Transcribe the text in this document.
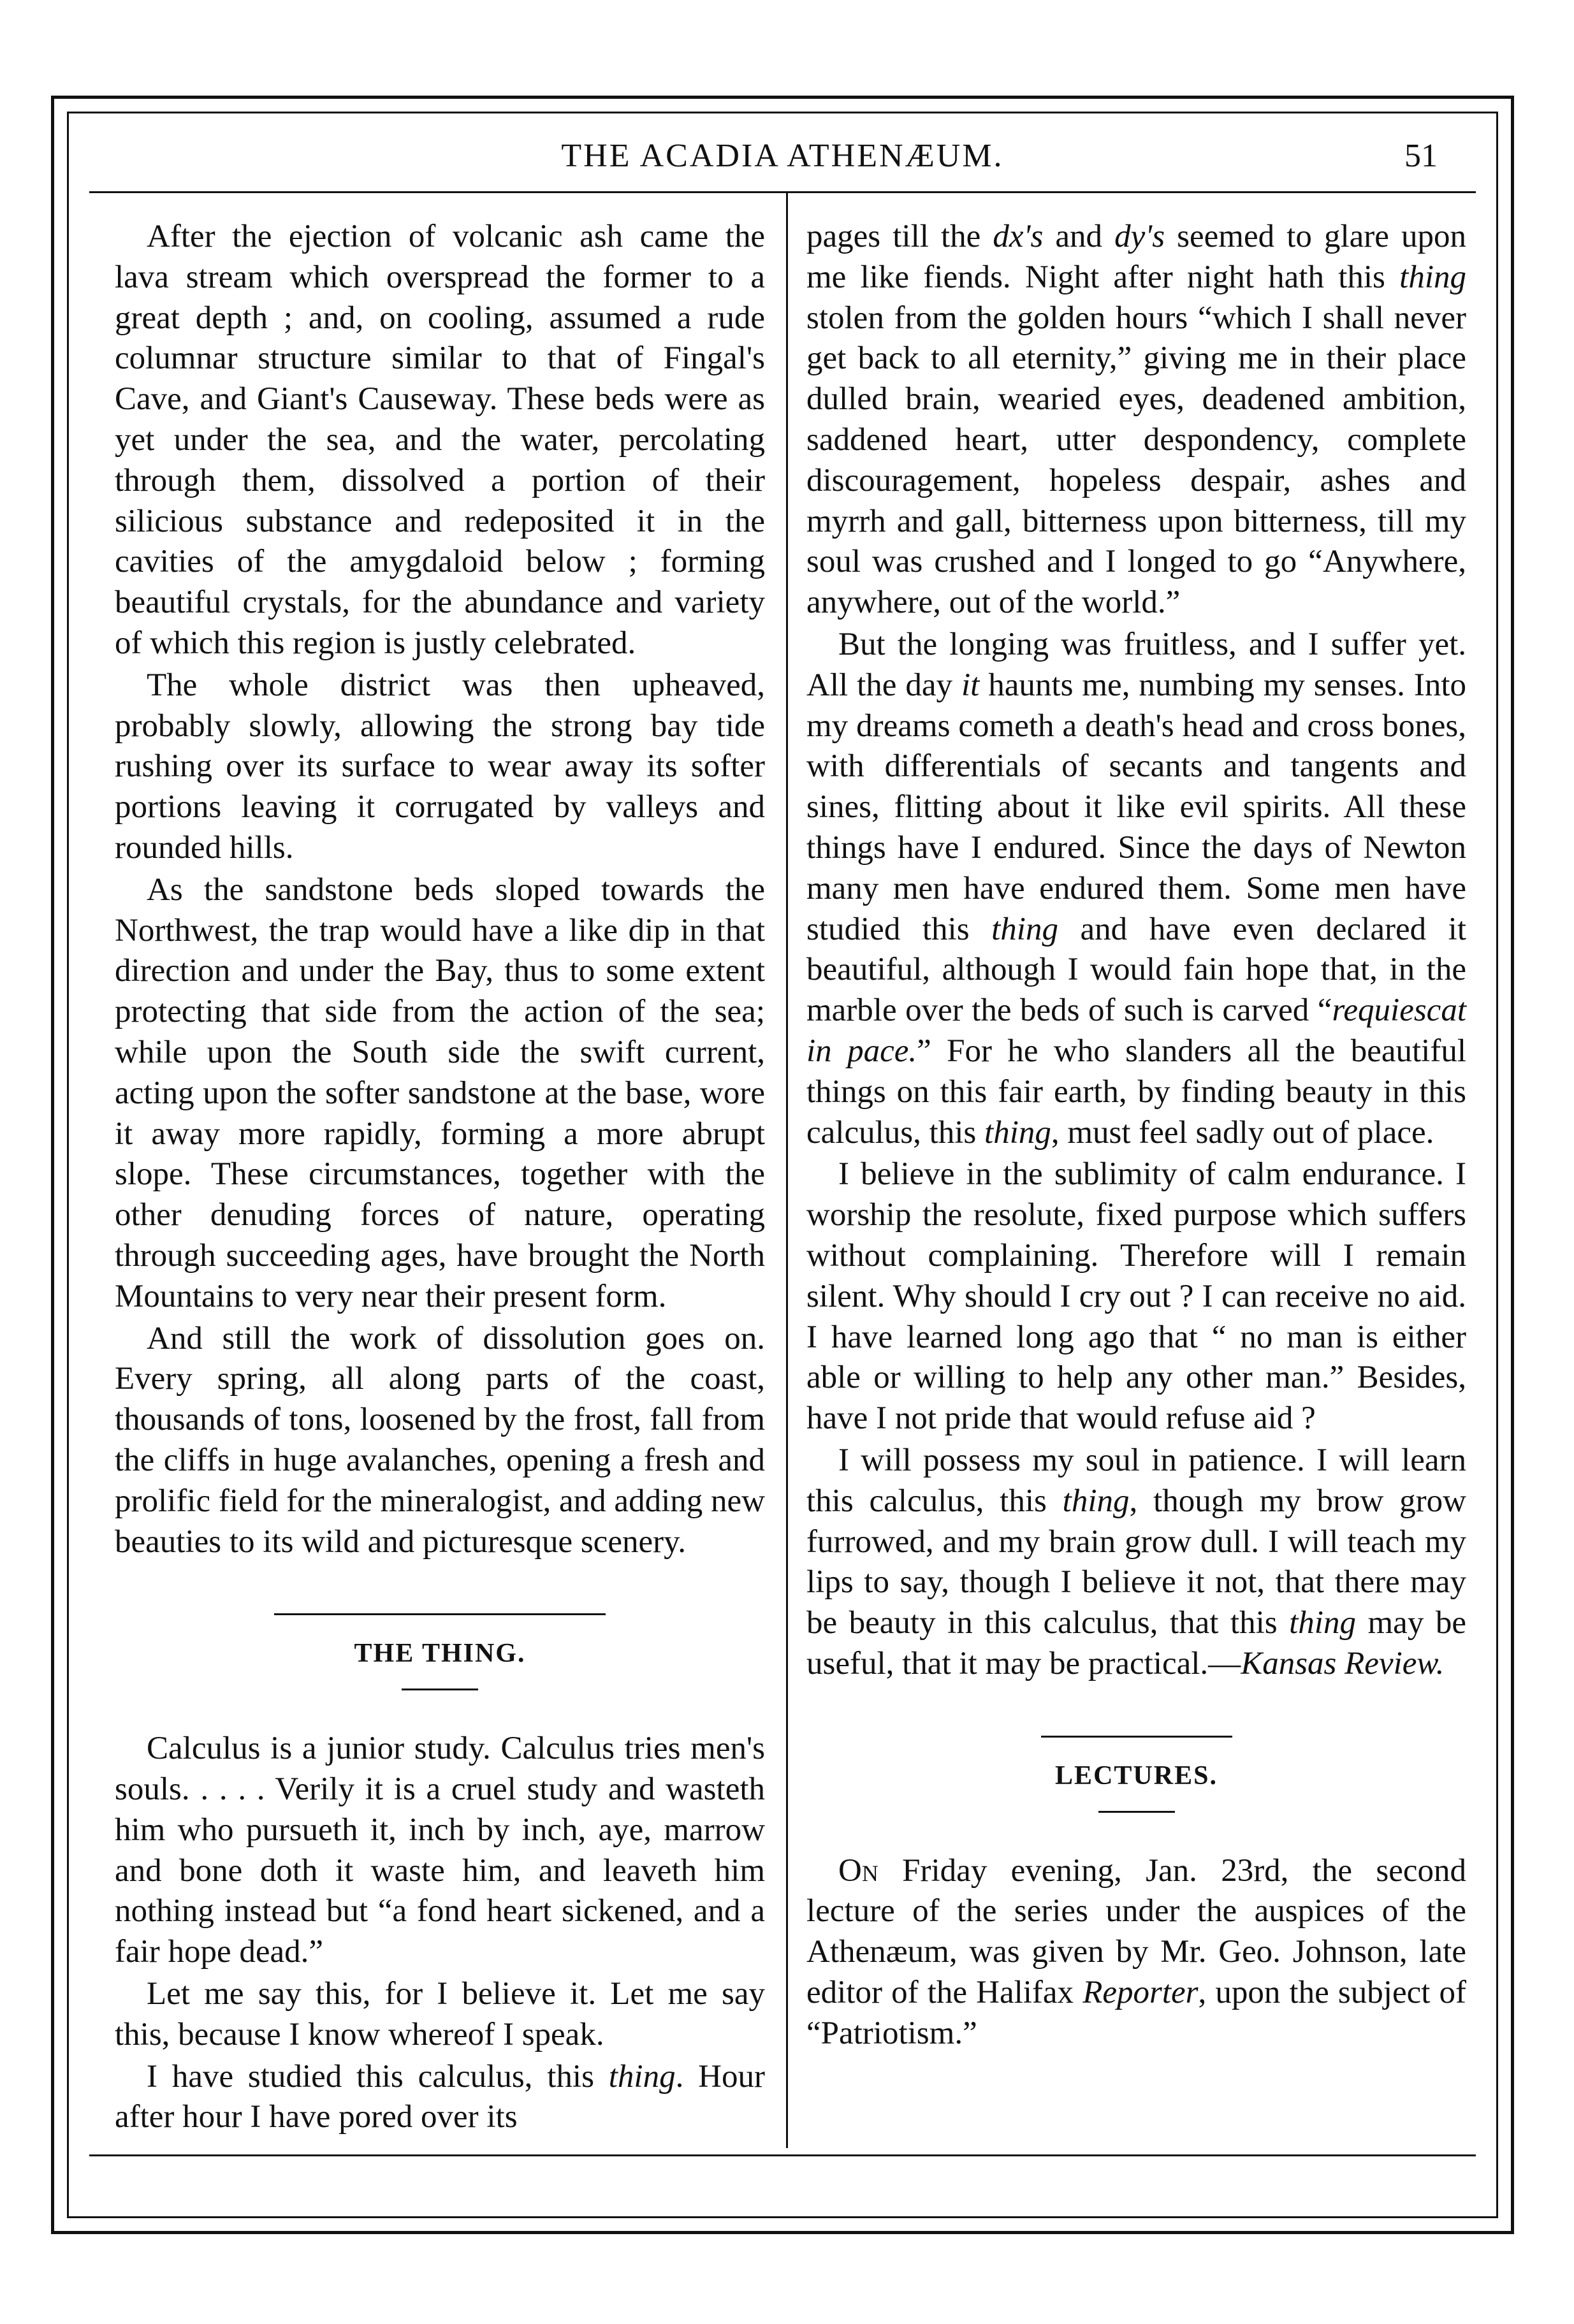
THE ACADIA ATHENÆUM.	51

After the ejection of volcanic ash came the lava stream which overspread the former to a great depth ; and, on cooling, assumed a rude columnar structure similar to that of Fingal's Cave, and Giant's Causeway. These beds were as yet under the sea, and the water, percolating through them, dissolved a portion of their silicious substance and redeposited it in the cavities of the amygdaloid below ; forming beautiful crystals, for the abundance and variety of which this region is justly celebrated.

The whole district was then upheaved, probably slowly, allowing the strong bay tide rushing over its surface to wear away its softer portions leaving it corrugated by valleys and rounded hills.

As the sandstone beds sloped towards the Northwest, the trap would have a like dip in that direction and under the Bay, thus to some extent protecting that side from the action of the sea; while upon the South side the swift current, acting upon the softer sandstone at the base, wore it away more rapidly, forming a more abrupt slope. These circumstances, together with the other denuding forces of nature, operating through succeeding ages, have brought the North Mountains to very near their present form.

And still the work of dissolution goes on. Every spring, all along parts of the coast, thousands of tons, loosened by the frost, fall from the cliffs in huge avalanches, opening a fresh and prolific field for the mineralogist, and adding new beauties to its wild and picturesque scenery.

THE THING.

Calculus is a junior study. Calculus tries men's souls. . . . . Verily it is a cruel study and wasteth him who pursueth it, inch by inch, aye, marrow and bone doth it waste him, and leaveth him nothing instead but “a fond heart sickened, and a fair hope dead.”

Let me say this, for I believe it. Let me say this, because I know whereof I speak.

I have studied this calculus, this thing. Hour after hour I have pored over its

pages till the dx's and dy's seemed to glare upon me like fiends. Night after night hath this thing stolen from the golden hours “which I shall never get back to all eternity,” giving me in their place dulled brain, wearied eyes, deadened ambition, saddened heart, utter despondency, complete discouragement, hopeless despair, ashes and myrrh and gall, bitterness upon bitterness, till my soul was crushed and I longed to go “Anywhere, anywhere, out of the world.”

But the longing was fruitless, and I suffer yet. All the day it haunts me, numbing my senses. Into my dreams cometh a death's head and cross bones, with differentials of secants and tangents and sines, flitting about it like evil spirits. All these things have I endured. Since the days of Newton many men have endured them. Some men have studied this thing and have even declared it beautiful, although I would fain hope that, in the marble over the beds of such is carved “requiescat in pace.” For he who slanders all the beautiful things on this fair earth, by finding beauty in this calculus, this thing, must feel sadly out of place.

I believe in the sublimity of calm endurance. I worship the resolute, fixed purpose which suffers without complaining. Therefore will I remain silent. Why should I cry out ? I can receive no aid. I have learned long ago that “ no man is either able or willing to help any other man.” Besides, have I not pride that would refuse aid ?

I will possess my soul in patience. I will learn this calculus, this thing, though my brow grow furrowed, and my brain grow dull. I will teach my lips to say, though I believe it not, that there may be beauty in this calculus, that this thing may be useful, that it may be practical.—Kansas Review.

LECTURES.

On Friday evening, Jan. 23rd, the second lecture of the series under the auspices of the Athenæum, was given by Mr. Geo. Johnson, late editor of the Halifax Reporter, upon the subject of “Patriotism.”
